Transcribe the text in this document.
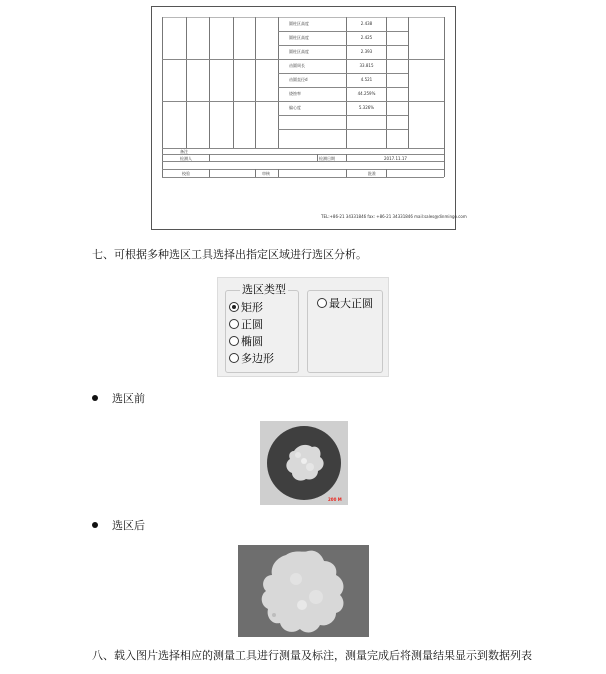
圆柱区高度	2.438
圆柱区高度	2.425
圆柱区高度	2.393
齿圆周长	33.815
齿圆直径d	4.521
烧蚀率	44.259%
偏心度	5.326%
备注
检测人	检测日期	2017.11.17
校验	审核	批准
TEL:+86-21 34331846 fax: +86-21 34331846 mail:sales@dinmingo.com
七、可根据多种选区工具选择出指定区域进行选区分析。
选区类型
矩形
正圆
椭圆
多边形
最大正圆
选区前
200 M
选区后
八、载入图片选择相应的测量工具进行测量及标注，测量完成后将测量结果显示到数据列表
